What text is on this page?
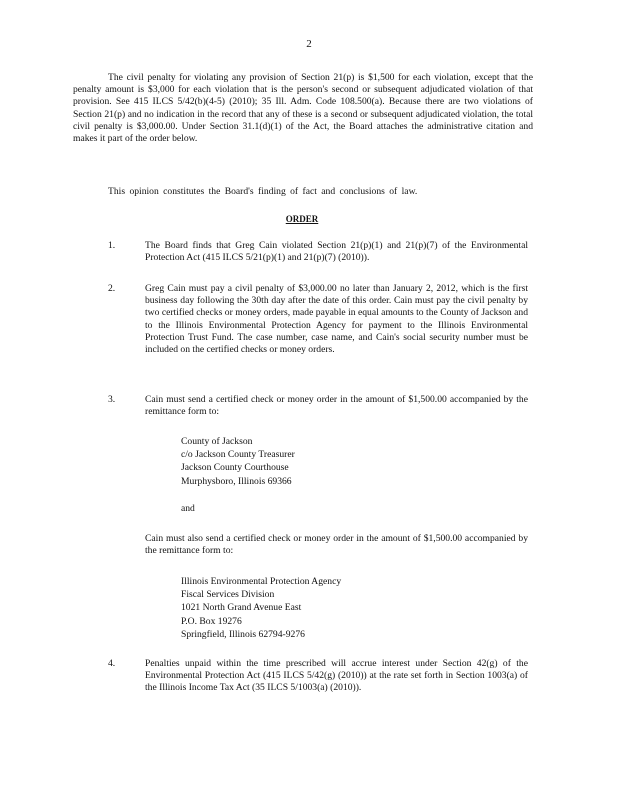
2

The civil penalty for violating any provision of Section 21(p) is $1,500 for each violation, except that the penalty amount is $3,000 for each violation that is the person's second or subsequent adjudicated violation of that provision. See 415 ILCS 5/42(b)(4-5) (2010); 35 Ill. Adm. Code 108.500(a). Because there are two violations of Section 21(p) and no indication in the record that any of these is a second or subsequent adjudicated violation, the total civil penalty is $3,000.00. Under Section 31.1(d)(1) of the Act, the Board attaches the administrative citation and makes it part of the order below.

This opinion constitutes the Board's finding of fact and conclusions of law.

ORDER

1.	The Board finds that Greg Cain violated Section 21(p)(1) and 21(p)(7) of the Environmental Protection Act (415 ILCS 5/21(p)(1) and 21(p)(7) (2010)).

2.	Greg Cain must pay a civil penalty of $3,000.00 no later than January 2, 2012, which is the first business day following the 30th day after the date of this order. Cain must pay the civil penalty by two certified checks or money orders, made payable in equal amounts to the County of Jackson and to the Illinois Environmental Protection Agency for payment to the Illinois Environmental Protection Trust Fund. The case number, case name, and Cain's social security number must be included on the certified checks or money orders.

3.	Cain must send a certified check or money order in the amount of $1,500.00 accompanied by the remittance form to:

County of Jackson
c/o Jackson County Treasurer
Jackson County Courthouse
Murphysboro, Illinois 69366

and

Cain must also send a certified check or money order in the amount of $1,500.00 accompanied by the remittance form to:

Illinois Environmental Protection Agency
Fiscal Services Division
1021 North Grand Avenue East
P.O. Box 19276
Springfield, Illinois 62794-9276
4.	Penalties unpaid within the time prescribed will accrue interest under Section 42(g) of the Environmental Protection Act (415 ILCS 5/42(g) (2010)) at the rate set forth in Section 1003(a) of the Illinois Income Tax Act (35 ILCS 5/1003(a) (2010)).
